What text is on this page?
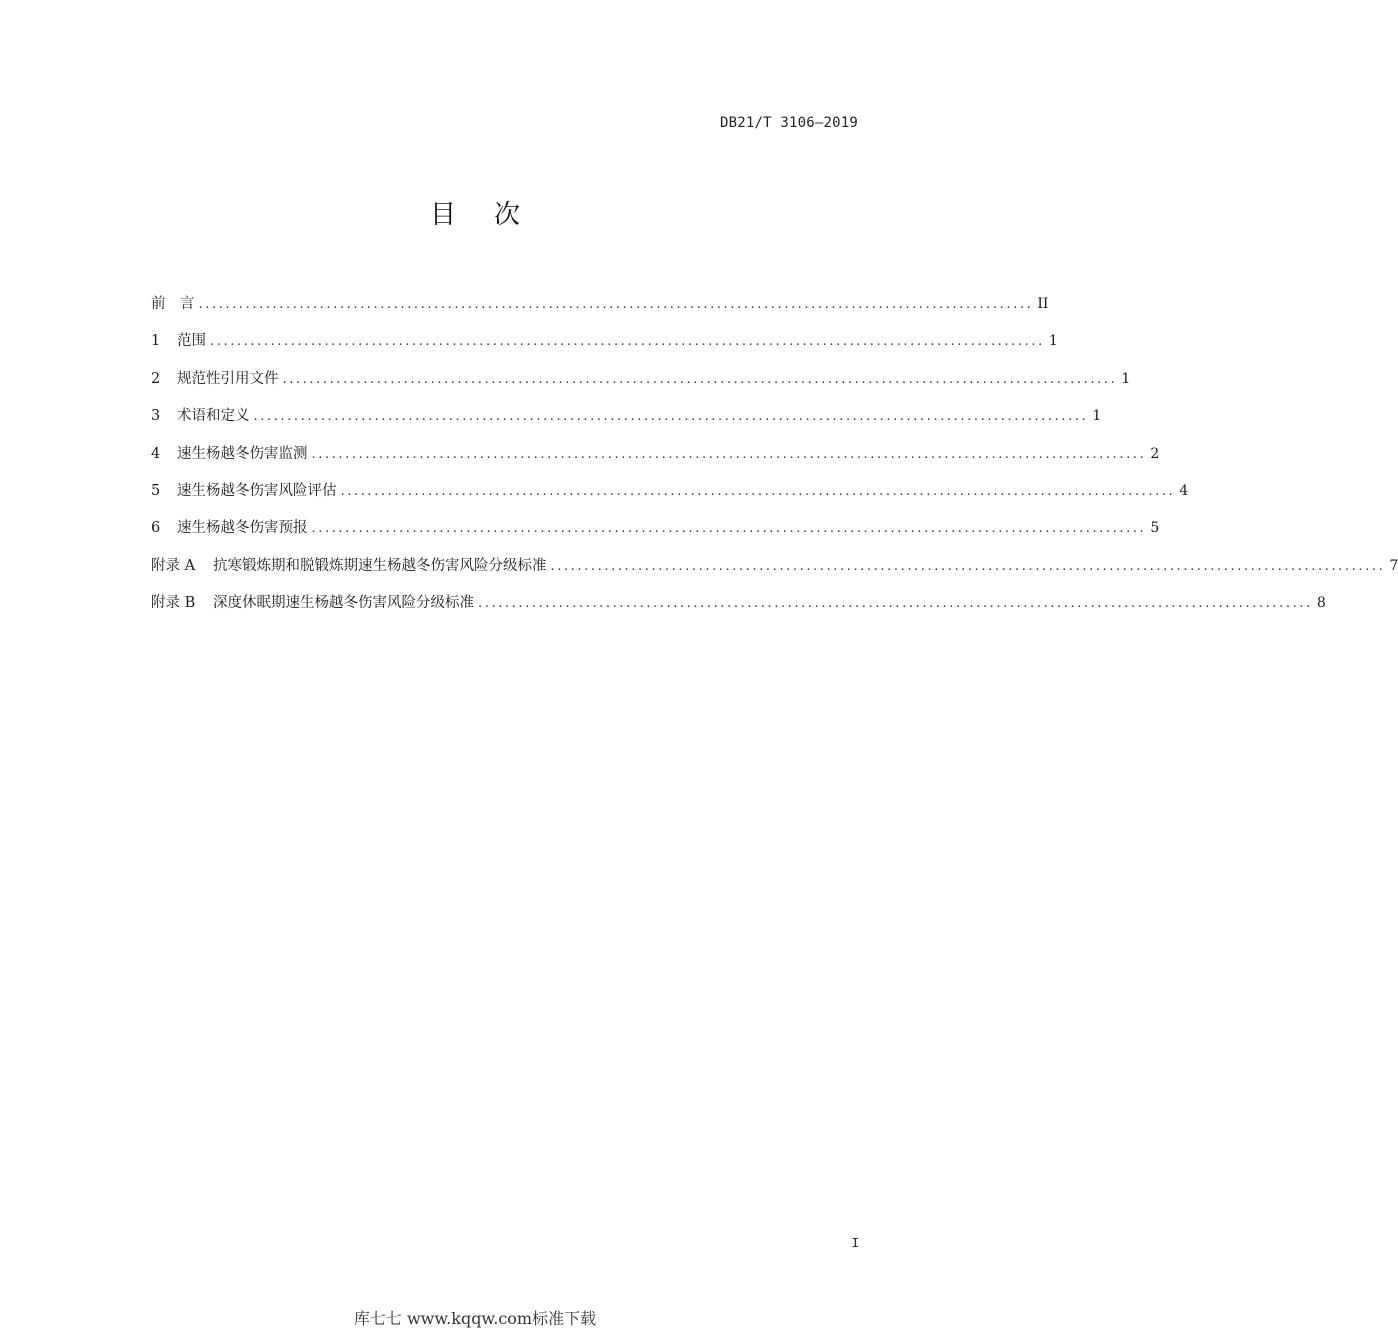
DB21/T 3106—2019
目次
前　言 ............................................................................................................................ II
1	范围 ............................................................................................................................ 1
2	规范性引用文件 ............................................................................................................................ 1
3	术语和定义 ............................................................................................................................ 1
4	速生杨越冬伤害监测 ............................................................................................................................ 2
5	速生杨越冬伤害风险评估 ............................................................................................................................ 4
6	速生杨越冬伤害预报 ............................................................................................................................ 5
附录 A	抗寒锻炼期和脱锻炼期速生杨越冬伤害风险分级标准 ............................................................................................................................ 7
附录 B	深度休眠期速生杨越冬伤害风险分级标准 ............................................................................................................................ 8
I
库七七 www.kqqw.com标准下载
